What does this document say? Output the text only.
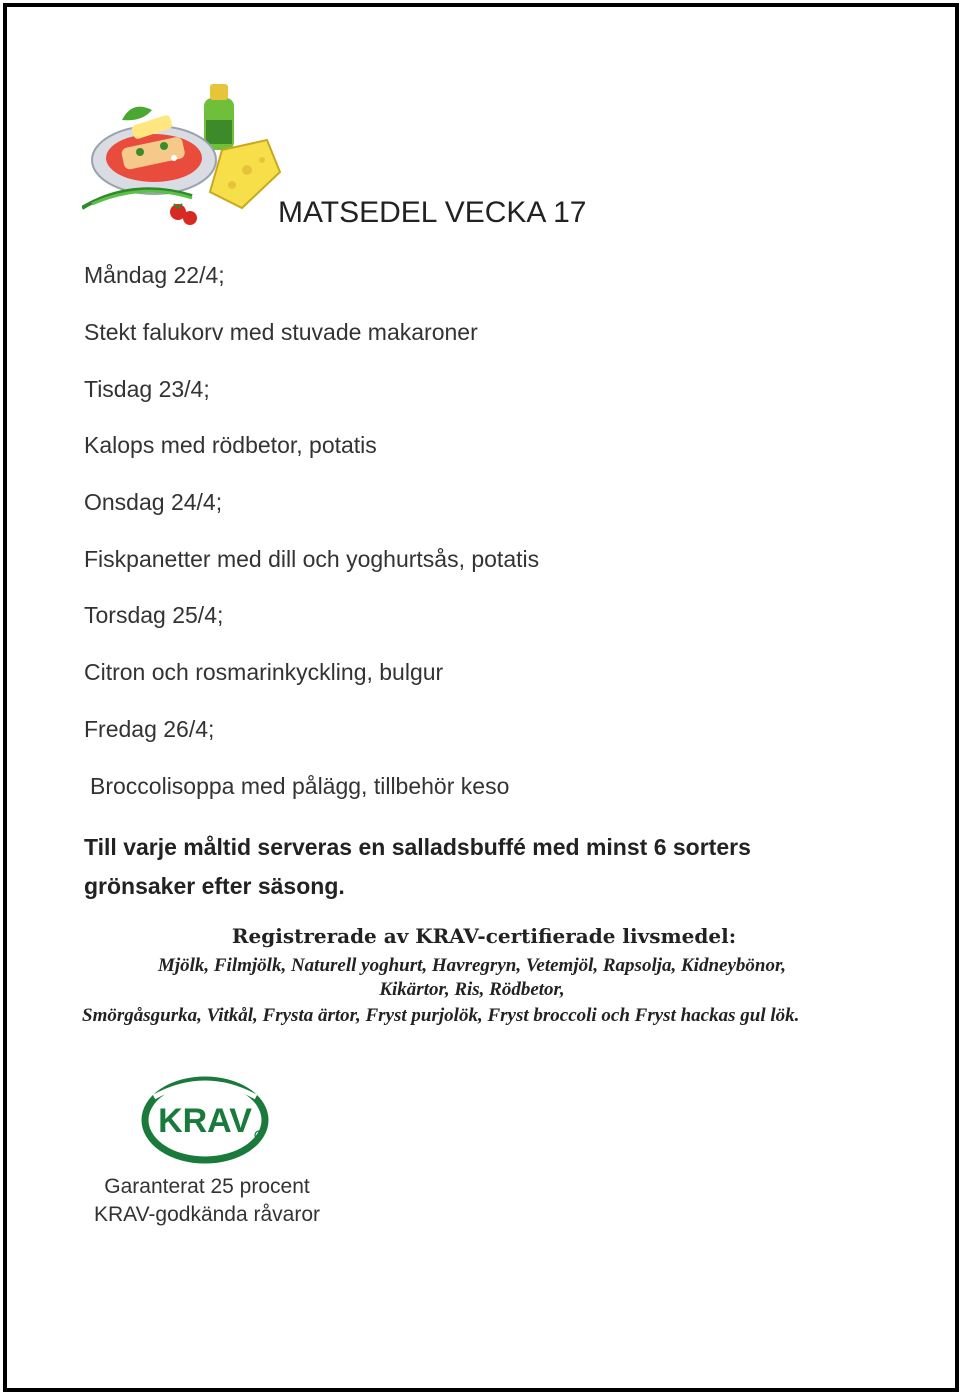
MATSEDEL VECKA 17
Måndag 22/4;
Stekt falukorv med stuvade makaroner
Tisdag 23/4;
Kalops med rödbetor, potatis
Onsdag 24/4;
Fiskpanetter med dill och yoghurtsås, potatis
Torsdag 25/4;
Citron och rosmarinkyckling, bulgur
Fredag 26/4;
Broccolisoppa med pålägg, tillbehör keso
Till varje måltid serveras en salladsbuffé med minst 6 sorters grönsaker efter säsong.
Registrerade av KRAV-certifierade livsmedel:
Mjölk, Filmjölk, Naturell yoghurt, Havregryn, Vetemjöl, Rapsolja, Kidneybönor,
Kikärtor, Ris, Rödbetor,
Smörgåsgurka, Vitkål, Frysta ärtor, Fryst purjolök, Fryst broccoli och Fryst hackas gul lök.
KRAV
Garanterat 25 procent
KRAV-godkända råvaror
